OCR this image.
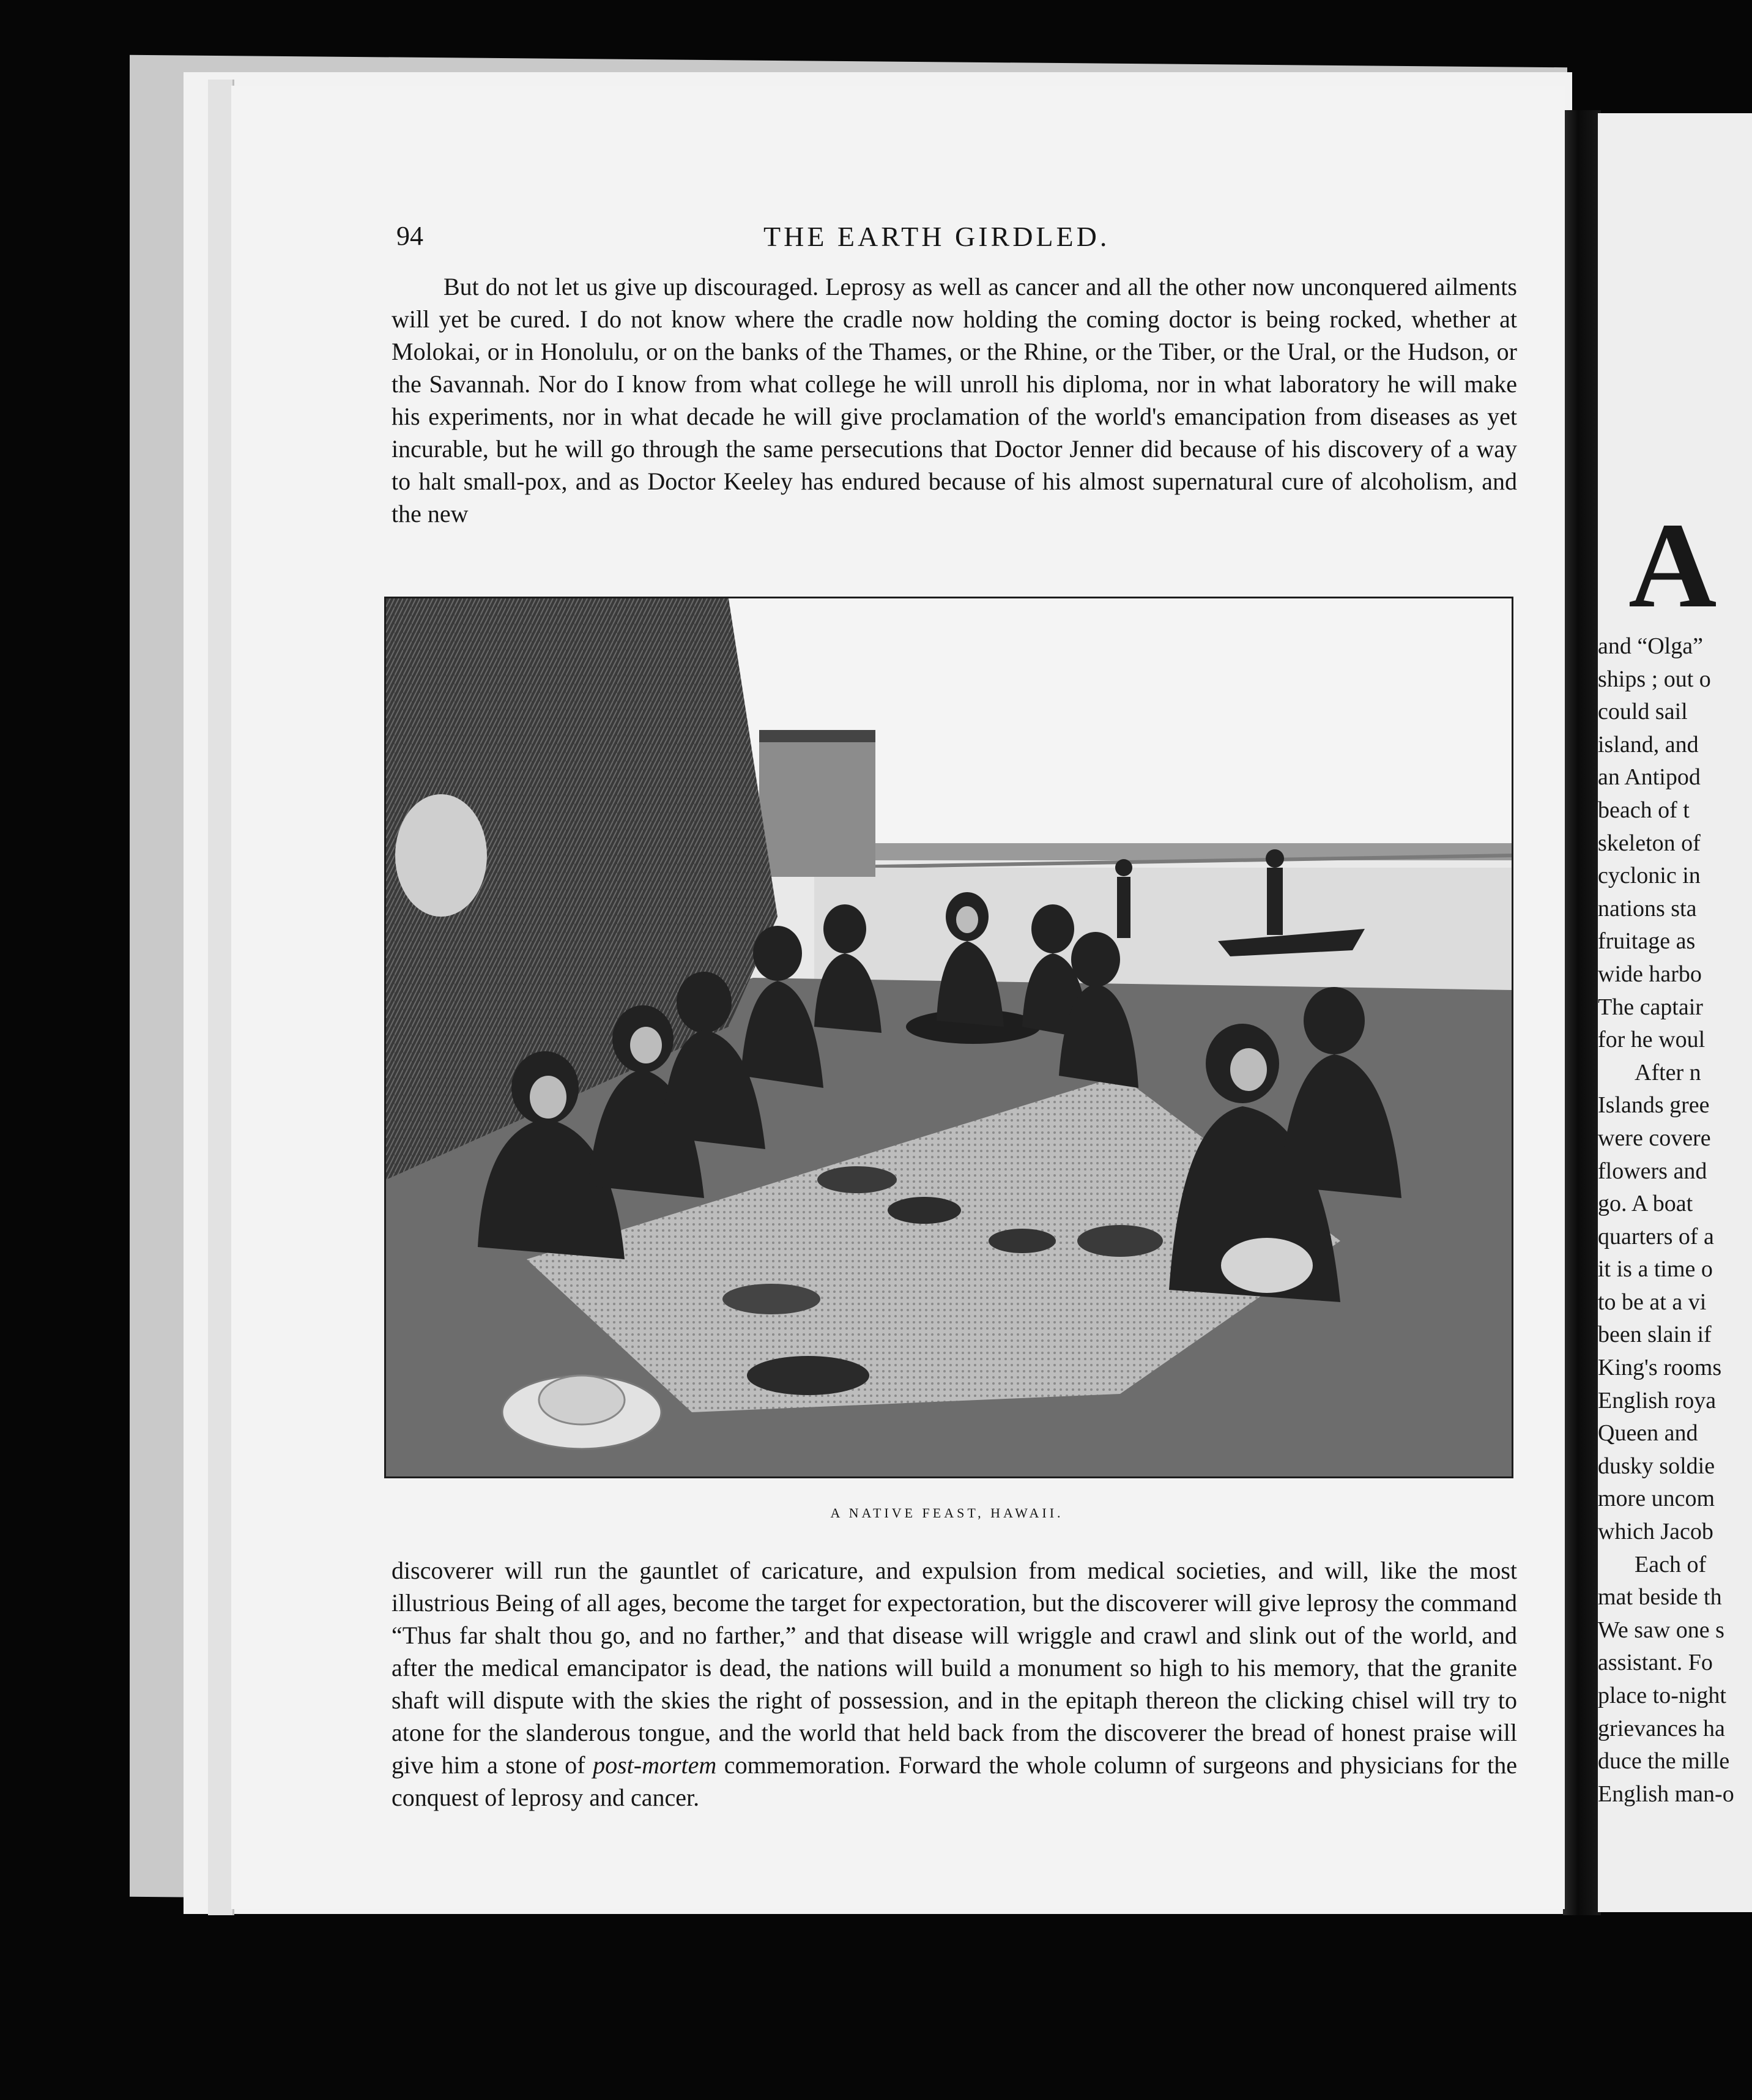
94	THE EARTH GIRDLED.

But do not let us give up discouraged. Leprosy as well as cancer and all the other now unconquered ailments will yet be cured. I do not know where the cradle now holding the coming doctor is being rocked, whether at Molokai, or in Honolulu, or on the banks of the Thames, or the Rhine, or the Tiber, or the Ural, or the Hudson, or the Savannah. Nor do I know from what college he will unroll his diploma, nor in what laboratory he will make his experiments, nor in what decade he will give proclamation of the world's emancipation from diseases as yet incurable, but he will go through the same persecutions that Doctor Jenner did because of his discovery of a way to halt small-pox, and as Doctor Keeley has endured because of his almost supernatural cure of alcoholism, and the new

A NATIVE FEAST, HAWAII.

discoverer will run the gauntlet of caricature, and expulsion from medical societies, and will, like the most illustrious Being of all ages, become the target for expectoration, but the discoverer will give leprosy the command “Thus far shalt thou go, and no farther,” and that disease will wriggle and crawl and slink out of the world, and after the medical emancipator is dead, the nations will build a monument so high to his memory, that the granite shaft will dispute with the skies the right of possession, and in the epitaph thereon the clicking chisel will try to atone for the slanderous tongue, and the world that held back from the discoverer the bread of honest praise will give him a stone of post-mortem commemoration. Forward the whole column of surgeons and physicians for the conquest of leprosy and cancer.

A
and “Olga”
ships ; out o
could sail
island, and
an Antipod
beach of t
skeleton of
cyclonic in
nations sta
fruitage as
wide harbo
The captair
for he woul
After n
Islands gree
were covere
flowers and
go. A boat
quarters of a
it is a time o
to be at a vi
been slain if
King's rooms
English roya
Queen and
dusky soldie
more uncom
which Jacob
Each of
mat beside th
We saw one s
assistant. Fo
place to-night
grievances ha
duce the mille
English man-o
